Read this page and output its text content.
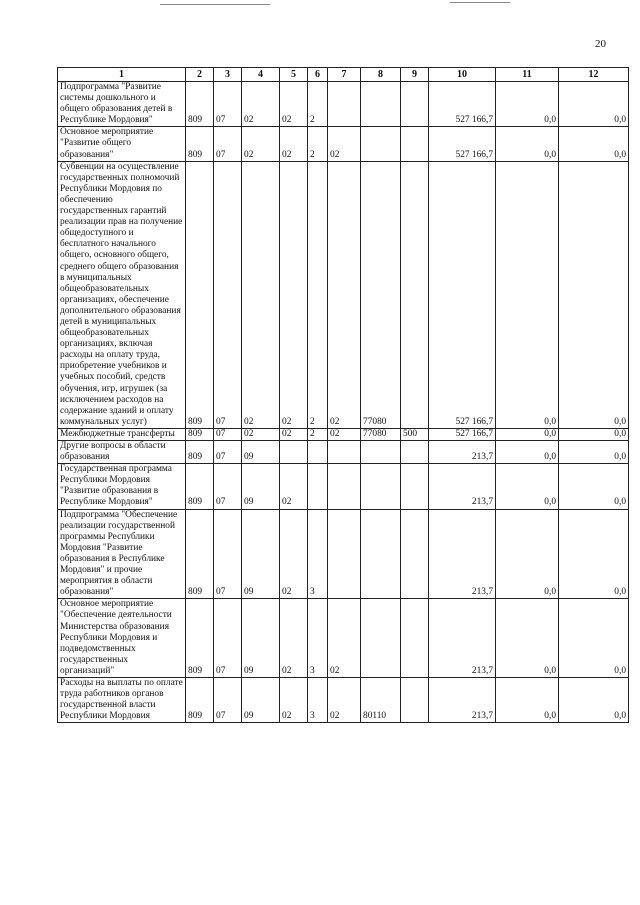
20
1	2	3	4	5	6	7	8	9	10	11	12
Подпрограмма "Развитие системы дошкольного и общего образования детей в Республике Мордовия"	809	07	02	02	2				527 166,7	0,0	0,0
Основное мероприятие "Развитие общего образования"	809	07	02	02	2	02			527 166,7	0,0	0,0
Субвенции на осуществление государственных полномочий Республики Мордовия по обеспечению государственных гарантий реализации прав на получение общедоступного и бесплатного начального общего, основного общего, среднего общего образования в муниципальных общеобразовательных организациях, обеспечение дополнительного образования детей в муниципальных общеобразовательных организациях, включая расходы на оплату труда, приобретение учебников и учебных пособий, средств обучения, игр, игрушек (за исключением расходов на содержание зданий и оплату коммунальных услуг)	809	07	02	02	2	02	77080		527 166,7	0,0	0,0
Межбюджетные трансферты	809	07	02	02	2	02	77080	500	527 166,7	0,0	0,0
Другие вопросы в области образования	809	07	09						213,7	0,0	0,0
Государственная программа Республики Мордовия "Развитие образования в Республике Мордовия"	809	07	09	02					213,7	0,0	0,0
Подпрограмма "Обеспечение реализации государственной программы Республики Мордовия "Развитие образования в Республике Мордовия" и прочие мероприятия в области образования"	809	07	09	02	3				213,7	0,0	0,0
Основное мероприятие "Обеспечение деятельности Министерства образования Республики Мордовия и подведомственных государственных организаций"	809	07	09	02	3	02			213,7	0,0	0,0
Расходы на выплаты по оплате труда работников органов государственной власти Республики Мордовия	809	07	09	02	3	02	80110		213,7	0,0	0,0
